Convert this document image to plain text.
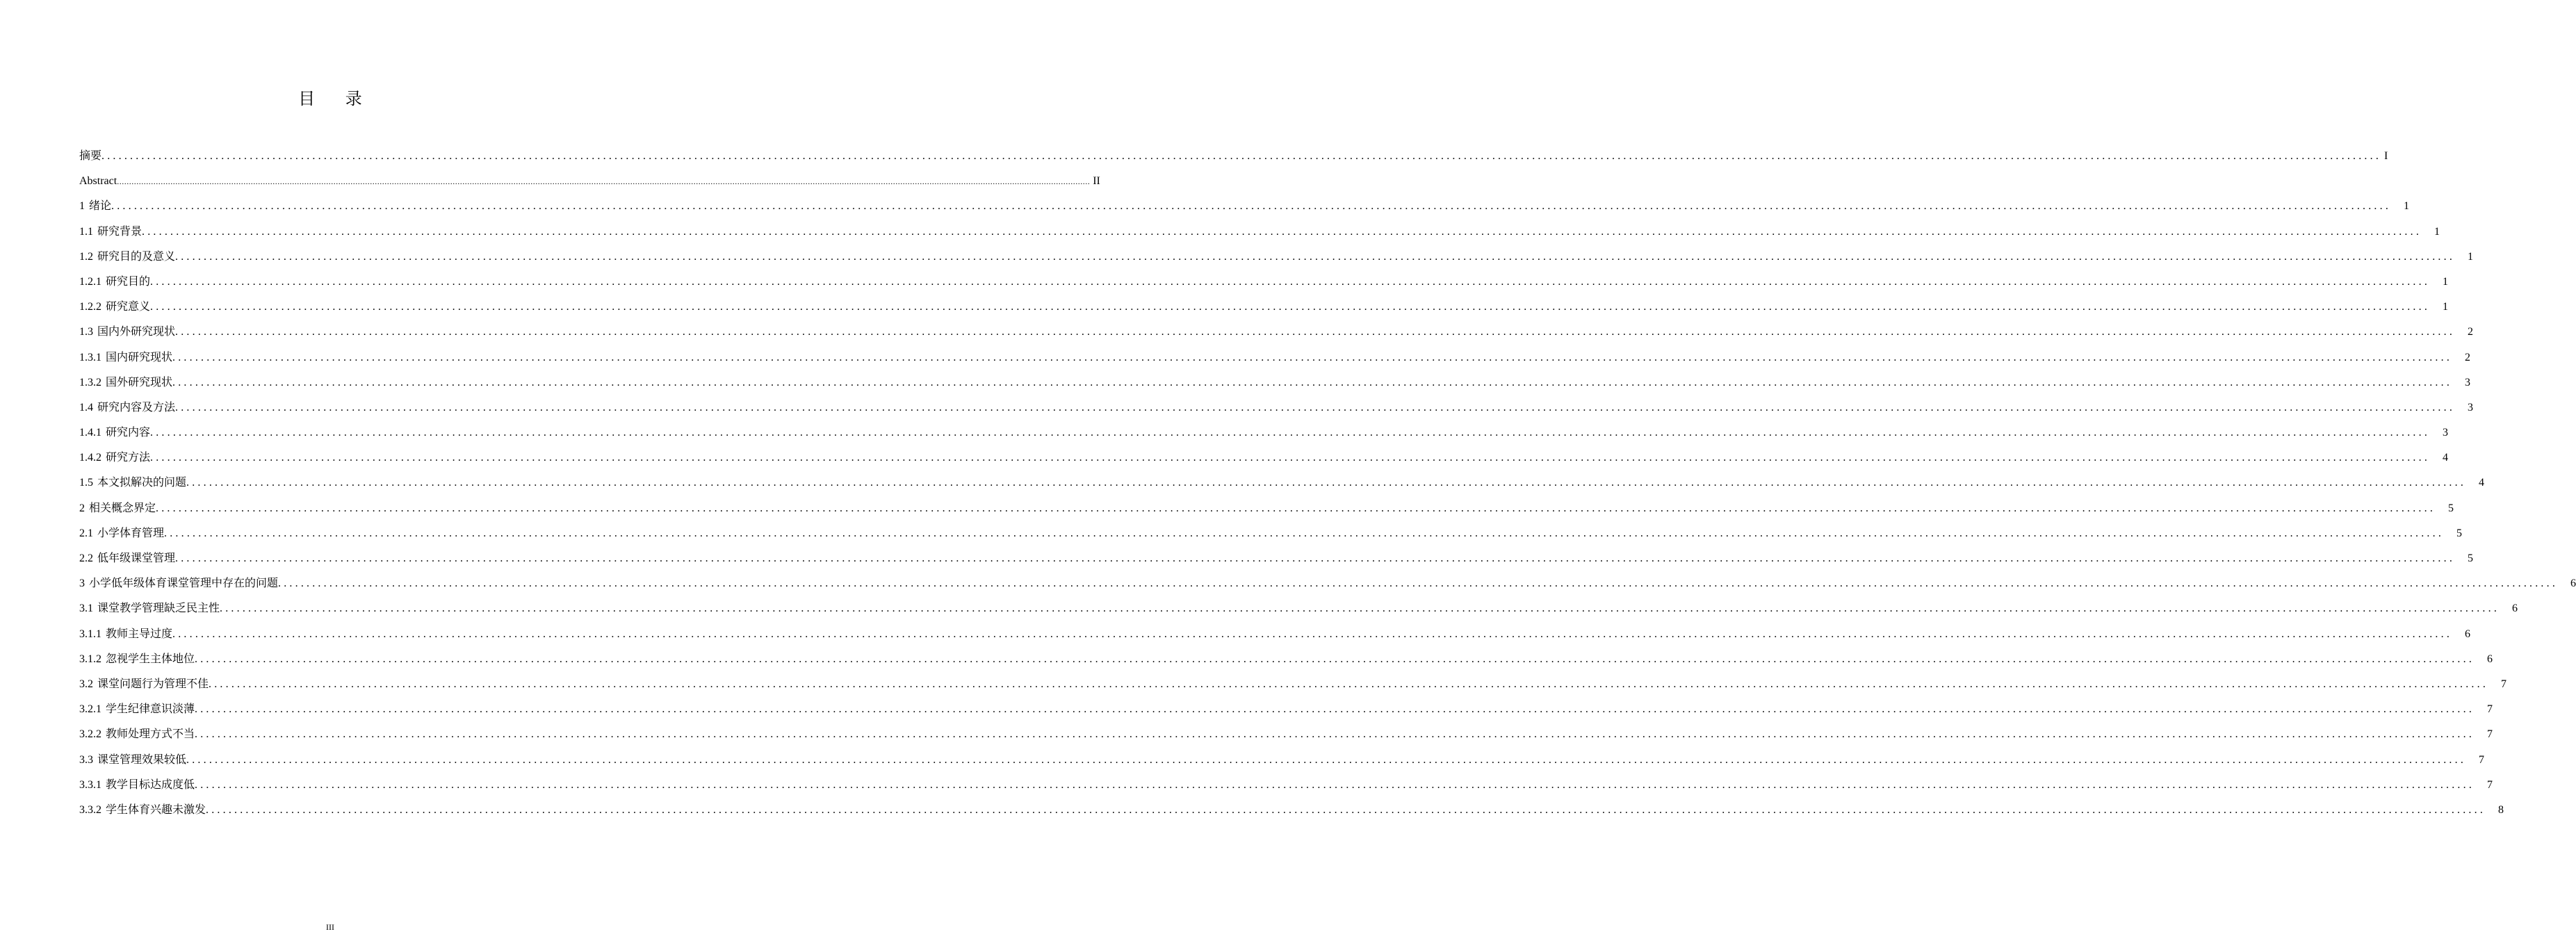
目 录
摘要 ................................................................................................................................................................................................................................................................................................................................................................................................................ I
Abstract ................................................................................................................................................................................................................................................................................................................................................................................................................ II
1 绪论 ................................................................................................................................................................................................................................................................................................................................................................................................................	1
1.1 研究背景 ................................................................................................................................................................................................................................................................................................................................................................................................................	1
1.2 研究目的及意义 ................................................................................................................................................................................................................................................................................................................................................................................................................	1
1.2.1 研究目的 ................................................................................................................................................................................................................................................................................................................................................................................................................	1
1.2.2 研究意义 ................................................................................................................................................................................................................................................................................................................................................................................................................	1
1.3 国内外研究现状 ................................................................................................................................................................................................................................................................................................................................................................................................................	2
1.3.1 国内研究现状 ................................................................................................................................................................................................................................................................................................................................................................................................................	2
1.3.2 国外研究现状 ................................................................................................................................................................................................................................................................................................................................................................................................................	3
1.4 研究内容及方法 ................................................................................................................................................................................................................................................................................................................................................................................................................	3
1.4.1 研究内容 ................................................................................................................................................................................................................................................................................................................................................................................................................	3
1.4.2 研究方法 ................................................................................................................................................................................................................................................................................................................................................................................................................	4
1.5 本文拟解决的问题 ................................................................................................................................................................................................................................................................................................................................................................................................................	4
2 相关概念界定 ................................................................................................................................................................................................................................................................................................................................................................................................................	5
2.1 小学体育管理 ................................................................................................................................................................................................................................................................................................................................................................................................................	5
2.2 低年级课堂管理 ................................................................................................................................................................................................................................................................................................................................................................................................................	5
3 小学低年级体育课堂管理中存在的问题 ................................................................................................................................................................................................................................................................................................................................................................................................................	6
3.1 课堂教学管理缺乏民主性 ................................................................................................................................................................................................................................................................................................................................................................................................................	6
3.1.1 教师主导过度 ................................................................................................................................................................................................................................................................................................................................................................................................................	6
3.1.2 忽视学生主体地位 ................................................................................................................................................................................................................................................................................................................................................................................................................	6
3.2 课堂问题行为管理不佳 ................................................................................................................................................................................................................................................................................................................................................................................................................	7
3.2.1 学生纪律意识淡薄 ................................................................................................................................................................................................................................................................................................................................................................................................................	7
3.2.2 教师处理方式不当 ................................................................................................................................................................................................................................................................................................................................................................................................................	7
3.3 课堂管理效果较低 ................................................................................................................................................................................................................................................................................................................................................................................................................	7
3.3.1 教学目标达成度低 ................................................................................................................................................................................................................................................................................................................................................................................................................	7
3.3.2 学生体育兴趣未激发 ................................................................................................................................................................................................................................................................................................................................................................................................................	8
III
